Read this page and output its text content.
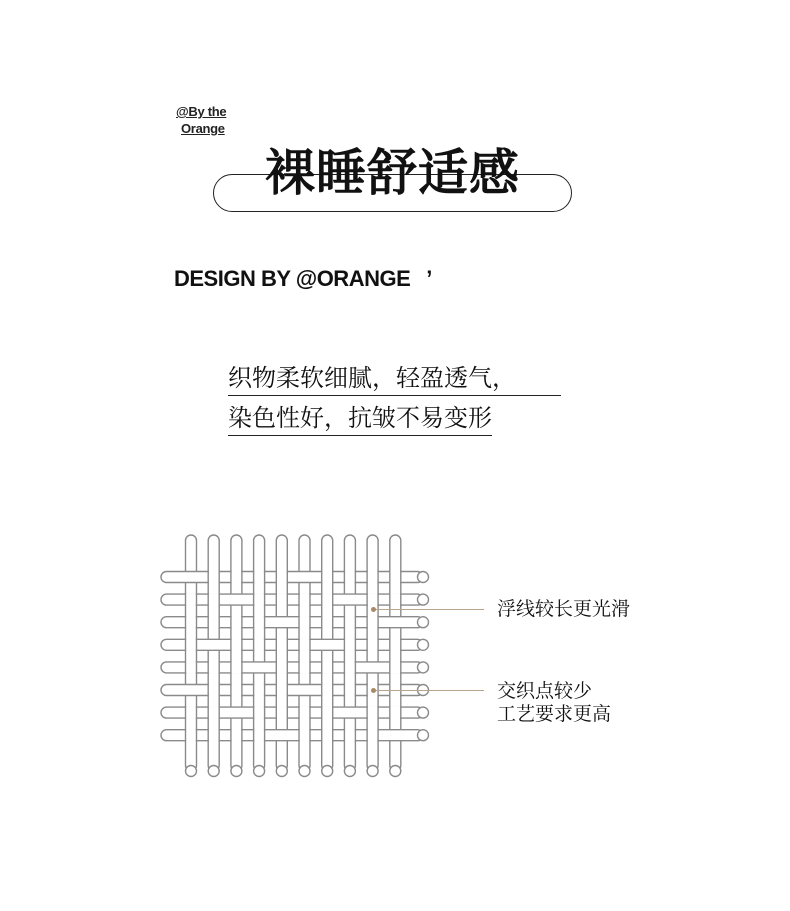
@By the
Orange
裸睡舒适感
DESIGN BY @ORANGE ’
织物柔软细腻，轻盈透气，
染色性好，抗皱不易变形
浮线较长更光滑
交织点较少
工艺要求更高
